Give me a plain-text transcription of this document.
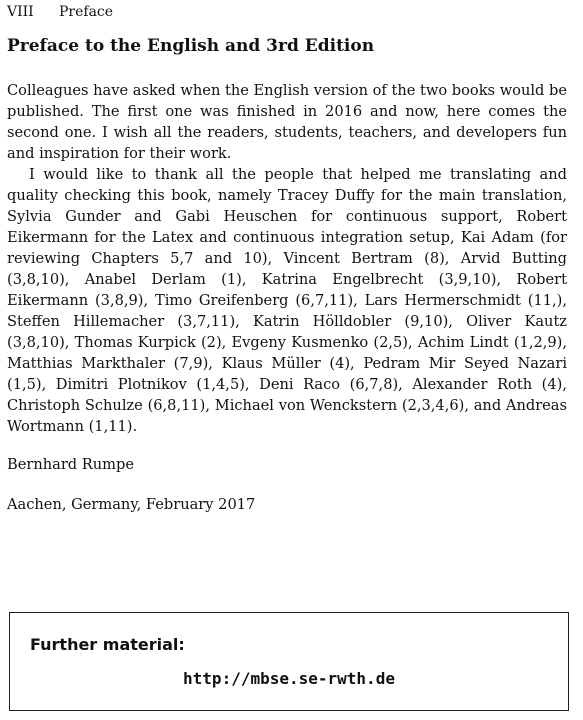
VIII Preface
Preface to the English and 3rd Edition

Colleagues have asked when the English version of the two books would be published. The first one was finished in 2016 and now, here comes the second one. I wish all the readers, students, teachers, and developers fun and inspiration for their work.

I would like to thank all the people that helped me translating and quality checking this book, namely Tracey Duffy for the main translation, Sylvia Gunder and Gabi Heuschen for continuous support, Robert Eikermann for the Latex and continuous integration setup, Kai Adam (for reviewing Chapters 5,7 and 10), Vincent Bertram (8), Arvid Butting (3,8,10), Anabel Derlam (1), Katrina Engelbrecht (3,9,10), Robert Eikermann (3,8,9), Timo Greifenberg (6,7,11), Lars Hermerschmidt (11,), Steffen Hillemacher (3,7,11), Katrin Hölldobler (9,10), Oliver Kautz (3,8,10), Thomas Kurpick (2), Evgeny Kusmenko (2,5), Achim Lindt (1,2,9), Matthias Markthaler (7,9), Klaus Müller (4), Pedram Mir Seyed Nazari (1,5), Dimitri Plotnikov (1,4,5), Deni Raco (6,7,8), Alexander Roth (4), Christoph Schulze (6,8,11), Michael von Wenckstern (2,3,4,6), and Andreas Wortmann (1,11).

Bernhard Rumpe
Aachen, Germany, February 2017
Further material:
http://mbse.se-rwth.de
